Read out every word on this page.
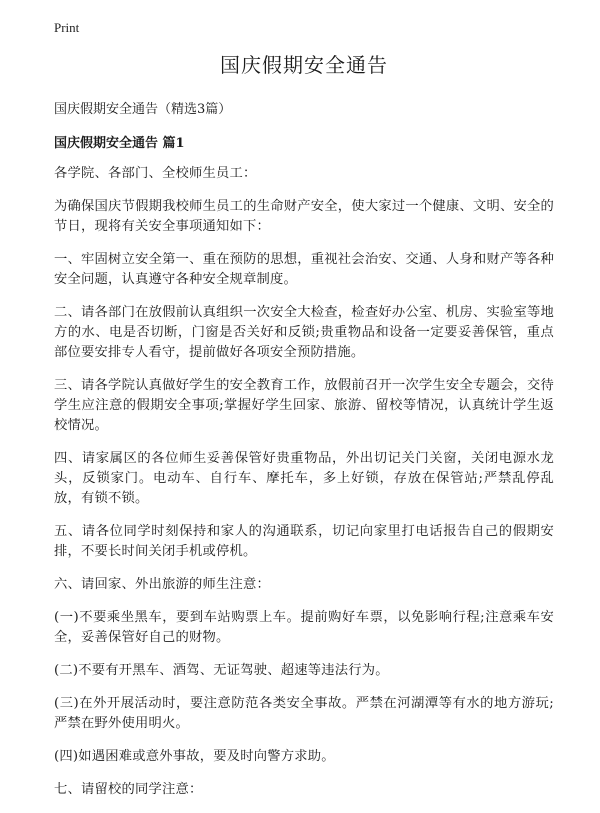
Print
国庆假期安全通告

国庆假期安全通告（精选3篇）

国庆假期安全通告 篇1

各学院、各部门、全校师生员工：

为确保国庆节假期我校师生员工的生命财产安全，使大家过一个健康、文明、安全的节日，现将有关安全事项通知如下：

一、牢固树立安全第一、重在预防的思想，重视社会治安、交通、人身和财产等各种安全问题，认真遵守各种安全规章制度。

二、请各部门在放假前认真组织一次安全大检查，检查好办公室、机房、实验室等地方的水、电是否切断，门窗是否关好和反锁;贵重物品和设备一定要妥善保管，重点部位要安排专人看守，提前做好各项安全预防措施。

三、请各学院认真做好学生的安全教育工作，放假前召开一次学生安全专题会，交待学生应注意的假期安全事项;掌握好学生回家、旅游、留校等情况，认真统计学生返校情况。

四、请家属区的各位师生妥善保管好贵重物品，外出切记关门关窗，关闭电源水龙头，反锁家门。电动车、自行车、摩托车，多上好锁，存放在保管站;严禁乱停乱放，有锁不锁。

五、请各位同学时刻保持和家人的沟通联系，切记向家里打电话报告自己的假期安排，不要长时间关闭手机或停机。

六、请回家、外出旅游的师生注意：

(一)不要乘坐黑车，要到车站购票上车。提前购好车票，以免影响行程;注意乘车安全，妥善保管好自己的财物。

(二)不要有开黑车、酒驾、无证驾驶、超速等违法行为。

(三)在外开展活动时，要注意防范各类安全事故。严禁在河湖潭等有水的地方游玩;严禁在野外使用明火。

(四)如遇困难或意外事故，要及时向警方求助。

七、请留校的同学注意：
